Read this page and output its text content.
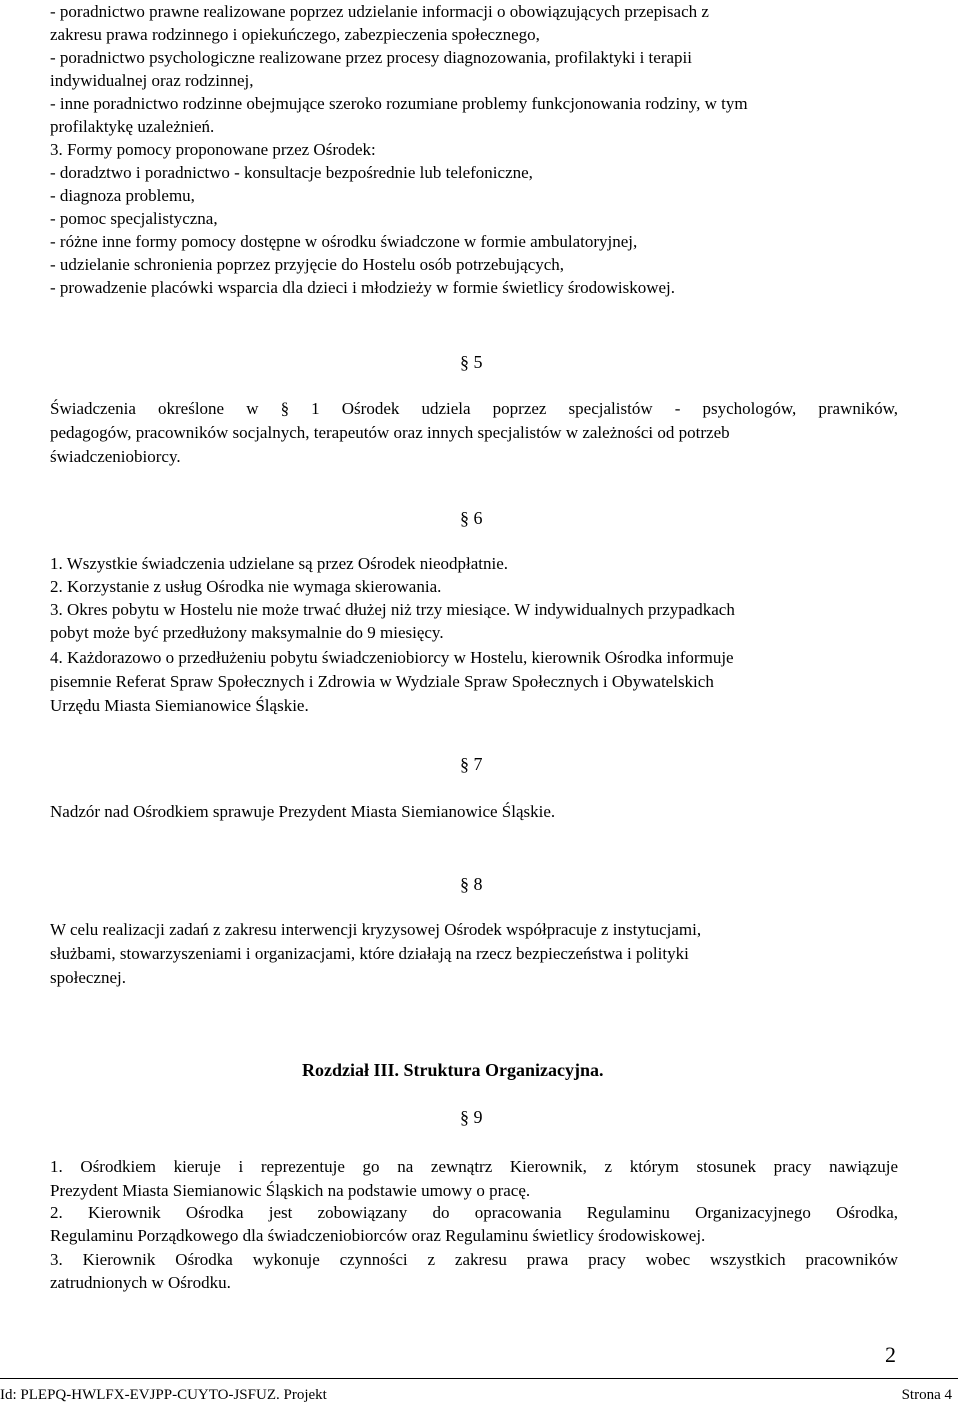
- poradnictwo prawne realizowane poprzez udzielanie informacji o obowiązujących przepisach z
zakresu prawa rodzinnego i opiekuńczego, zabezpieczenia społecznego,
- poradnictwo psychologiczne realizowane przez procesy diagnozowania, profilaktyki i terapii
indywidualnej oraz rodzinnej,
- inne poradnictwo rodzinne obejmujące szeroko rozumiane problemy funkcjonowania rodziny, w tym
profilaktykę uzależnień.
3. Formy pomocy proponowane przez Ośrodek:
- doradztwo i poradnictwo - konsultacje bezpośrednie lub telefoniczne,
- diagnoza problemu,
- pomoc specjalistyczna,
- różne inne formy pomocy dostępne w ośrodku świadczone w formie ambulatoryjnej,
- udzielanie schronienia poprzez przyjęcie do Hostelu osób potrzebujących,
- prowadzenie placówki wsparcia dla dzieci i młodzieży w formie świetlicy środowiskowej.
§ 5
Świadczenia określone w § 1 Ośrodek udziela poprzez specjalistów - psychologów, prawników,
pedagogów, pracowników socjalnych, terapeutów oraz innych specjalistów w zależności od potrzeb
świadczeniobiorcy.
§ 6
1. Wszystkie świadczenia udzielane są przez Ośrodek nieodpłatnie.
2. Korzystanie z usług Ośrodka nie wymaga skierowania.
3. Okres pobytu w Hostelu nie może trwać dłużej niż trzy miesiące. W indywidualnych przypadkach
pobyt może być przedłużony maksymalnie do 9 miesięcy.
4. Każdorazowo o przedłużeniu pobytu świadczeniobiorcy w Hostelu, kierownik Ośrodka informuje
pisemnie Referat Spraw Społecznych i Zdrowia w Wydziale Spraw Społecznych i Obywatelskich
Urzędu Miasta Siemianowice Śląskie.
§ 7
Nadzór nad Ośrodkiem sprawuje Prezydent Miasta Siemianowice Śląskie.
§ 8
W celu realizacji zadań z zakresu interwencji kryzysowej Ośrodek współpracuje z instytucjami,
służbami, stowarzyszeniami i organizacjami, które działają na rzecz bezpieczeństwa i polityki
społecznej.
Rozdział III. Struktura Organizacyjna.
§ 9
1. Ośrodkiem kieruje i reprezentuje go na zewnątrz Kierownik, z którym stosunek pracy nawiązuje
Prezydent Miasta Siemianowic Śląskich na podstawie umowy o pracę.
2. Kierownik Ośrodka jest zobowiązany do opracowania Regulaminu Organizacyjnego Ośrodka,
Regulaminu Porządkowego dla świadczeniobiorców oraz Regulaminu świetlicy środowiskowej.
3. Kierownik Ośrodka wykonuje czynności z zakresu prawa pracy wobec wszystkich pracowników
zatrudnionych w Ośrodku.
2
Id: PLEPQ-HWLFX-EVJPP-CUYTO-JSFUZ. Projekt	Strona 4
